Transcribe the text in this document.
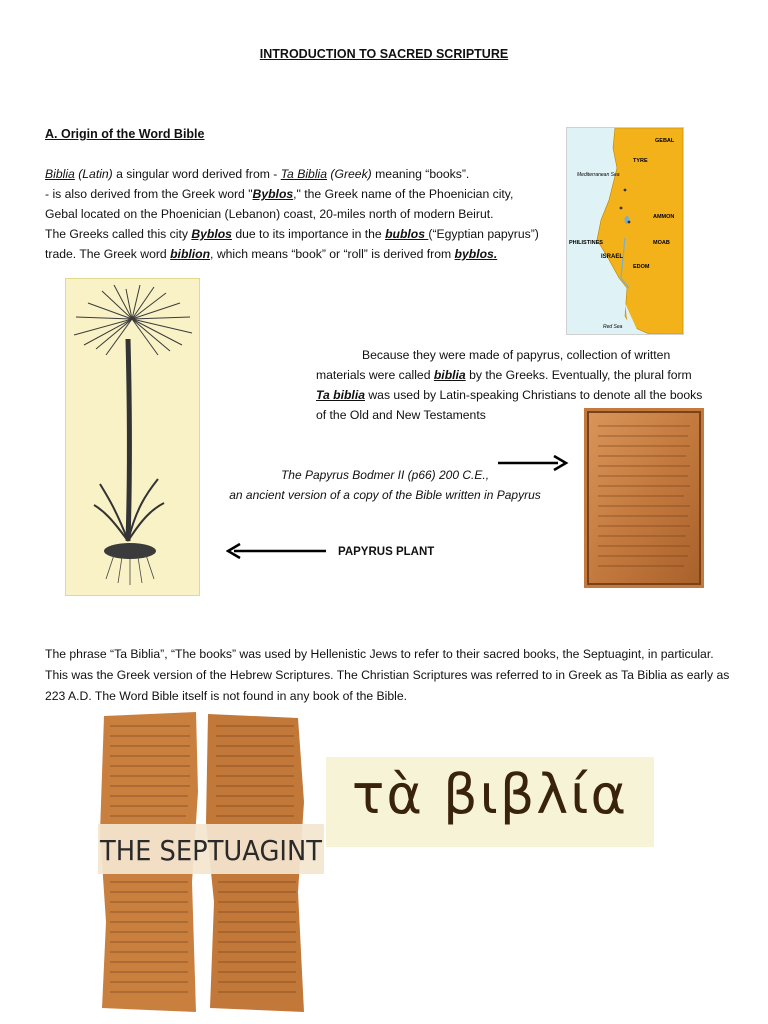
INTRODUCTION TO SACRED SCRIPTURE
A. Origin of the Word Bible
Biblia (Latin) a singular word derived from - Ta Biblia (Greek) meaning “books”.
- is also derived from the Greek word "Byblos," the Greek name of the Phoenician city,
Gebal located on the Phoenician (Lebanon) coast, 20-miles north of modern Beirut.
The Greeks called this city Byblos due to its importance in the bublos (“Egyptian papyrus”)
trade. The Greek word biblion, which means “book” or “roll” is derived from byblos.
GEBAL
Mediterranean Sea
TYRE
AMMON
PHILISTINES	MOAB
ISRAEL
EDOM
Red Sea
Because they were made of papyrus, collection of written
materials were called biblia by the Greeks. Eventually, the plural form
Ta biblia was used by Latin-speaking Christians to denote all the books
of the Old and New Testaments
The Papyrus Bodmer II (p66) 200 C.E.,
an ancient version of a copy of the Bible written in Papyrus
PAPYRUS PLANT
The phrase “Ta Biblia”, “The books” was used by Hellenistic Jews to refer to their sacred books, the Septuagint, in particular. This was the Greek version of the Hebrew Scriptures. The Christian Scriptures was referred to in Greek as Ta Biblia as early as 223 A.D. The Word Bible itself is not found in any book of the Bible.
THE SEPTUAGINT
τὰ βιβλία
